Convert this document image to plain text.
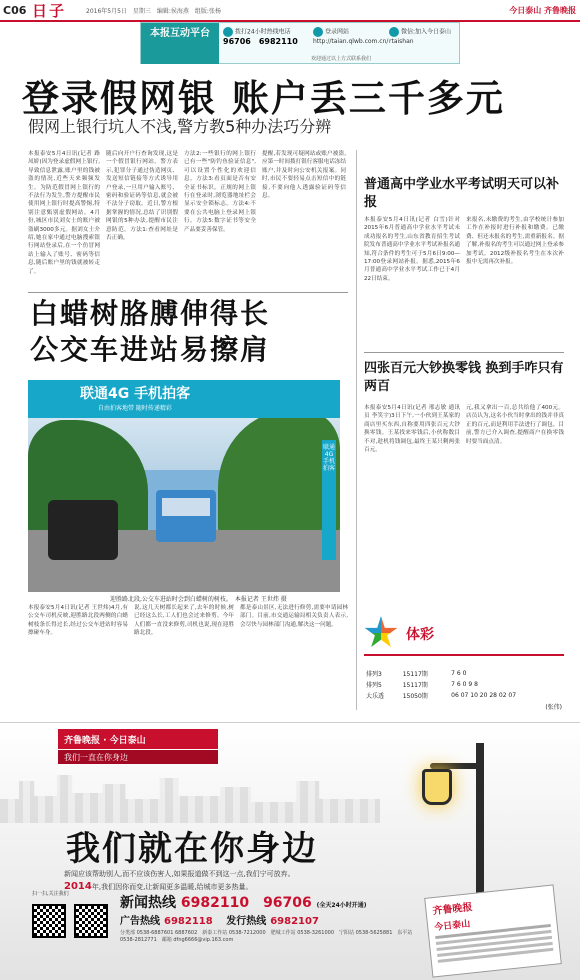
C06 日子	2016年5月5日　星期三　编辑:侯海燕　组版:张杨	今日泰山 齐鲁晚报
本报互动平台	拨打24小时热线电话
96706　6982110
登录网站
http://taian.qlwb.com.cn/
微信:加入今日泰山
rtaishan
欢迎通过以上方式联系我们
登录假网银 账户丢三千多元
假网上银行坑人不浅,警方教5种办法巧分辨
本报泰安5月4日讯(记者 路凤娇)因为登录虚假网上银行,导致信息泄露,账户里的钱被盗的情况,近些天来频频发生。为防范假冒网上银行的不法行为发生,警方提醒市民使用网上银行时提高警惕,特别注意甄别虚假网站。4月份,城区市民刘女士的账户被盗刷3000多元。据刘女士介绍,她在家中通过电脑搜索银行网站登录后,在一个仿冒网站上输入了账号、密码等信息,随后账户里的钱就被转走了。
随后向开户行查询发现,这是一个假冒银行网站。警方表示,犯罪分子通过伪造网页、发送短信链接等方式诱导用户登录,一旦用户输入账号、密码和验证码等信息,就会被不法分子窃取。近日,警方根据掌握的情况,总结了识别假网银的5种办法,提醒市民注意防范。方法1:查看网址是否正确。
方法2:一些银行的网上银行已有一些"防钓鱼验证信息",可以设置个性化的欢迎信息。方法3:看页面是否有安全证书标识。正规的网上银行在登录时,浏览器地址栏会显示安全锁标志。方法4:不要在公共电脑上登录网上银行。方法5:数字证书等安全产品要妥善保管。
提醒,若发现可疑网站或账户被盗,应第一时间拨打银行客服电话冻结账户,并及时向公安机关报案。同时,市民不要轻易点击短信中的链接,不要向他人透露验证码等信息。
普通高中学业水平考试明天可以补报
本报泰安5月4日讯(记者 白雪)针对2015年6月普通高中学业水平考试未成功报名的考生,山东省教育招生考试院发布普通高中学业水平考试补报名通知,符合条件的考生可于5月6日9:00—17:00登录网站补报。据悉,2015年6月普通高中学业水平考试工作已于4月22日结束。
来报名,未缴费的考生,由学校统计参加工作在补报时进行补报和缴费。已缴费、但还未报名的考生,需重新报名。据了解,补报名的考生可以通过网上登录参加考试。2012级补报名考生在本次补报中无需再次补报。
四张百元大钞换零钱 换到手咋只有两百
本报泰安5月4日讯(记者 邢志敏 通讯员 李笑宇)3日下午,一小伙到王某家的商店里买东西,自称要用四张百元大钞换零钱。王某找来零钱后,小伙称数目不对,趁机将钱调包,最终王某只剩两张百元。
元,我又拿出一百,总共给他了400元。店员认为,这名小伙当时拿出的钱并非真正的百元,而是利用手法进行了调包。目前,警方已介入调查,提醒商户在换零钱时要当面点清。
白蜡树胳膊伸得长
公交车进站易擦肩
联通4G 手机拍客
自由拍客地带 随时传递精彩
联通4G手机拍客
迎胜路北段,公交车进站时会到白蜡树的树枝。　本报记者 王世炜 摄
本报泰安5月4日讯(记者 王世炜)4月,有公交车司机反映,迎胜路北段两侧的白蜡树枝条长得过长,经过公交车进站时容易擦碰车身。
说,这几天树都长起来了,去年的时候,树已经这么长,工人们也会过来修剪。今年人们都一直没来修剪,司机也说,现在迎胜路北段。
都是泰山景区,无法进行修剪,需要申请园林部门。目前,市交通运输局相关负责人表示,会尽快与园林部门沟通,解决这一问题。
体彩
排列3	15117期	7 6 0
排列5	15117期	7 6 0 9 8
大乐透	15050期	06 07 10 20 28 02 07
(张伟)		
齐鲁晚报 · 今日泰山
我们一直在你身边
我们就在你身边
新闻应该帮助别人,而不应该伤害人,如果报道做不到这一点,我们宁可放弃。
2014年,我们因你而变,让新闻更多温暖,给城市更多热量。
齐鲁晚报
今日泰山
扫一扫,关注我们
新闻热线 6982110　96706 (全天24小时开通)
广告热线 6982118 发行热线 6982107
分类部 0538-6887601 6887602　新泰工作站 0538-7212000　肥城工作站 0538-3261000　宁阳站 0538-5625881　东平站 0538-2812771　邮箱 dfng6666@vip.163.com
